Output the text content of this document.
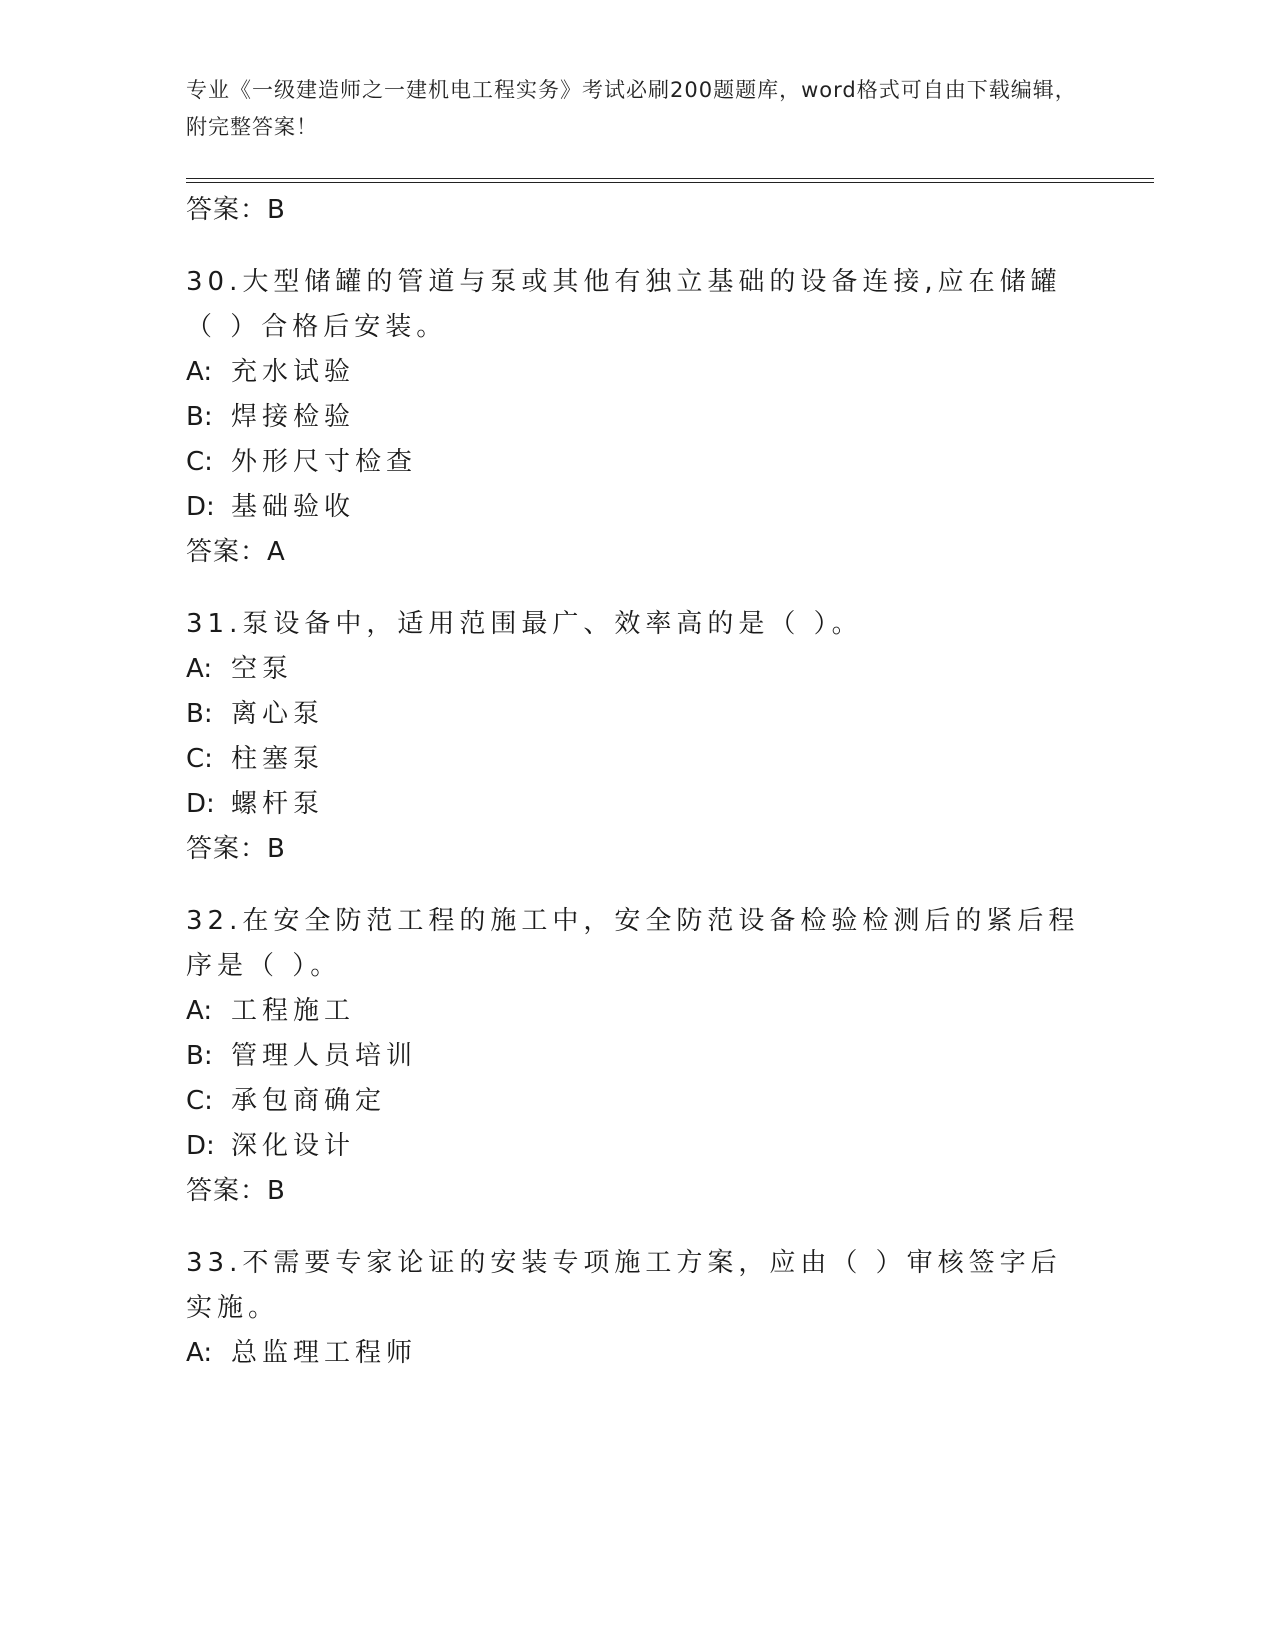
专业《一级建造师之一建机电工程实务》考试必刷200题题库，word格式可自由下载编辑，附完整答案！
答案：B
30.大型储罐的管道与泵或其他有独立基础的设备连接,应在储罐（ ）合格后安装。
A: 充水试验
B: 焊接检验
C: 外形尺寸检查
D: 基础验收
答案：A
31.泵设备中，适用范围最广、效率高的是（ ）。
A: 空泵
B: 离心泵
C: 柱塞泵
D: 螺杆泵
答案：B
32.在安全防范工程的施工中，安全防范设备检验检测后的紧后程序是（ ）。
A: 工程施工
B: 管理人员培训
C: 承包商确定
D: 深化设计
答案：B
33.不需要专家论证的安装专项施工方案，应由（ ）审核签字后实施。
A: 总监理工程师
